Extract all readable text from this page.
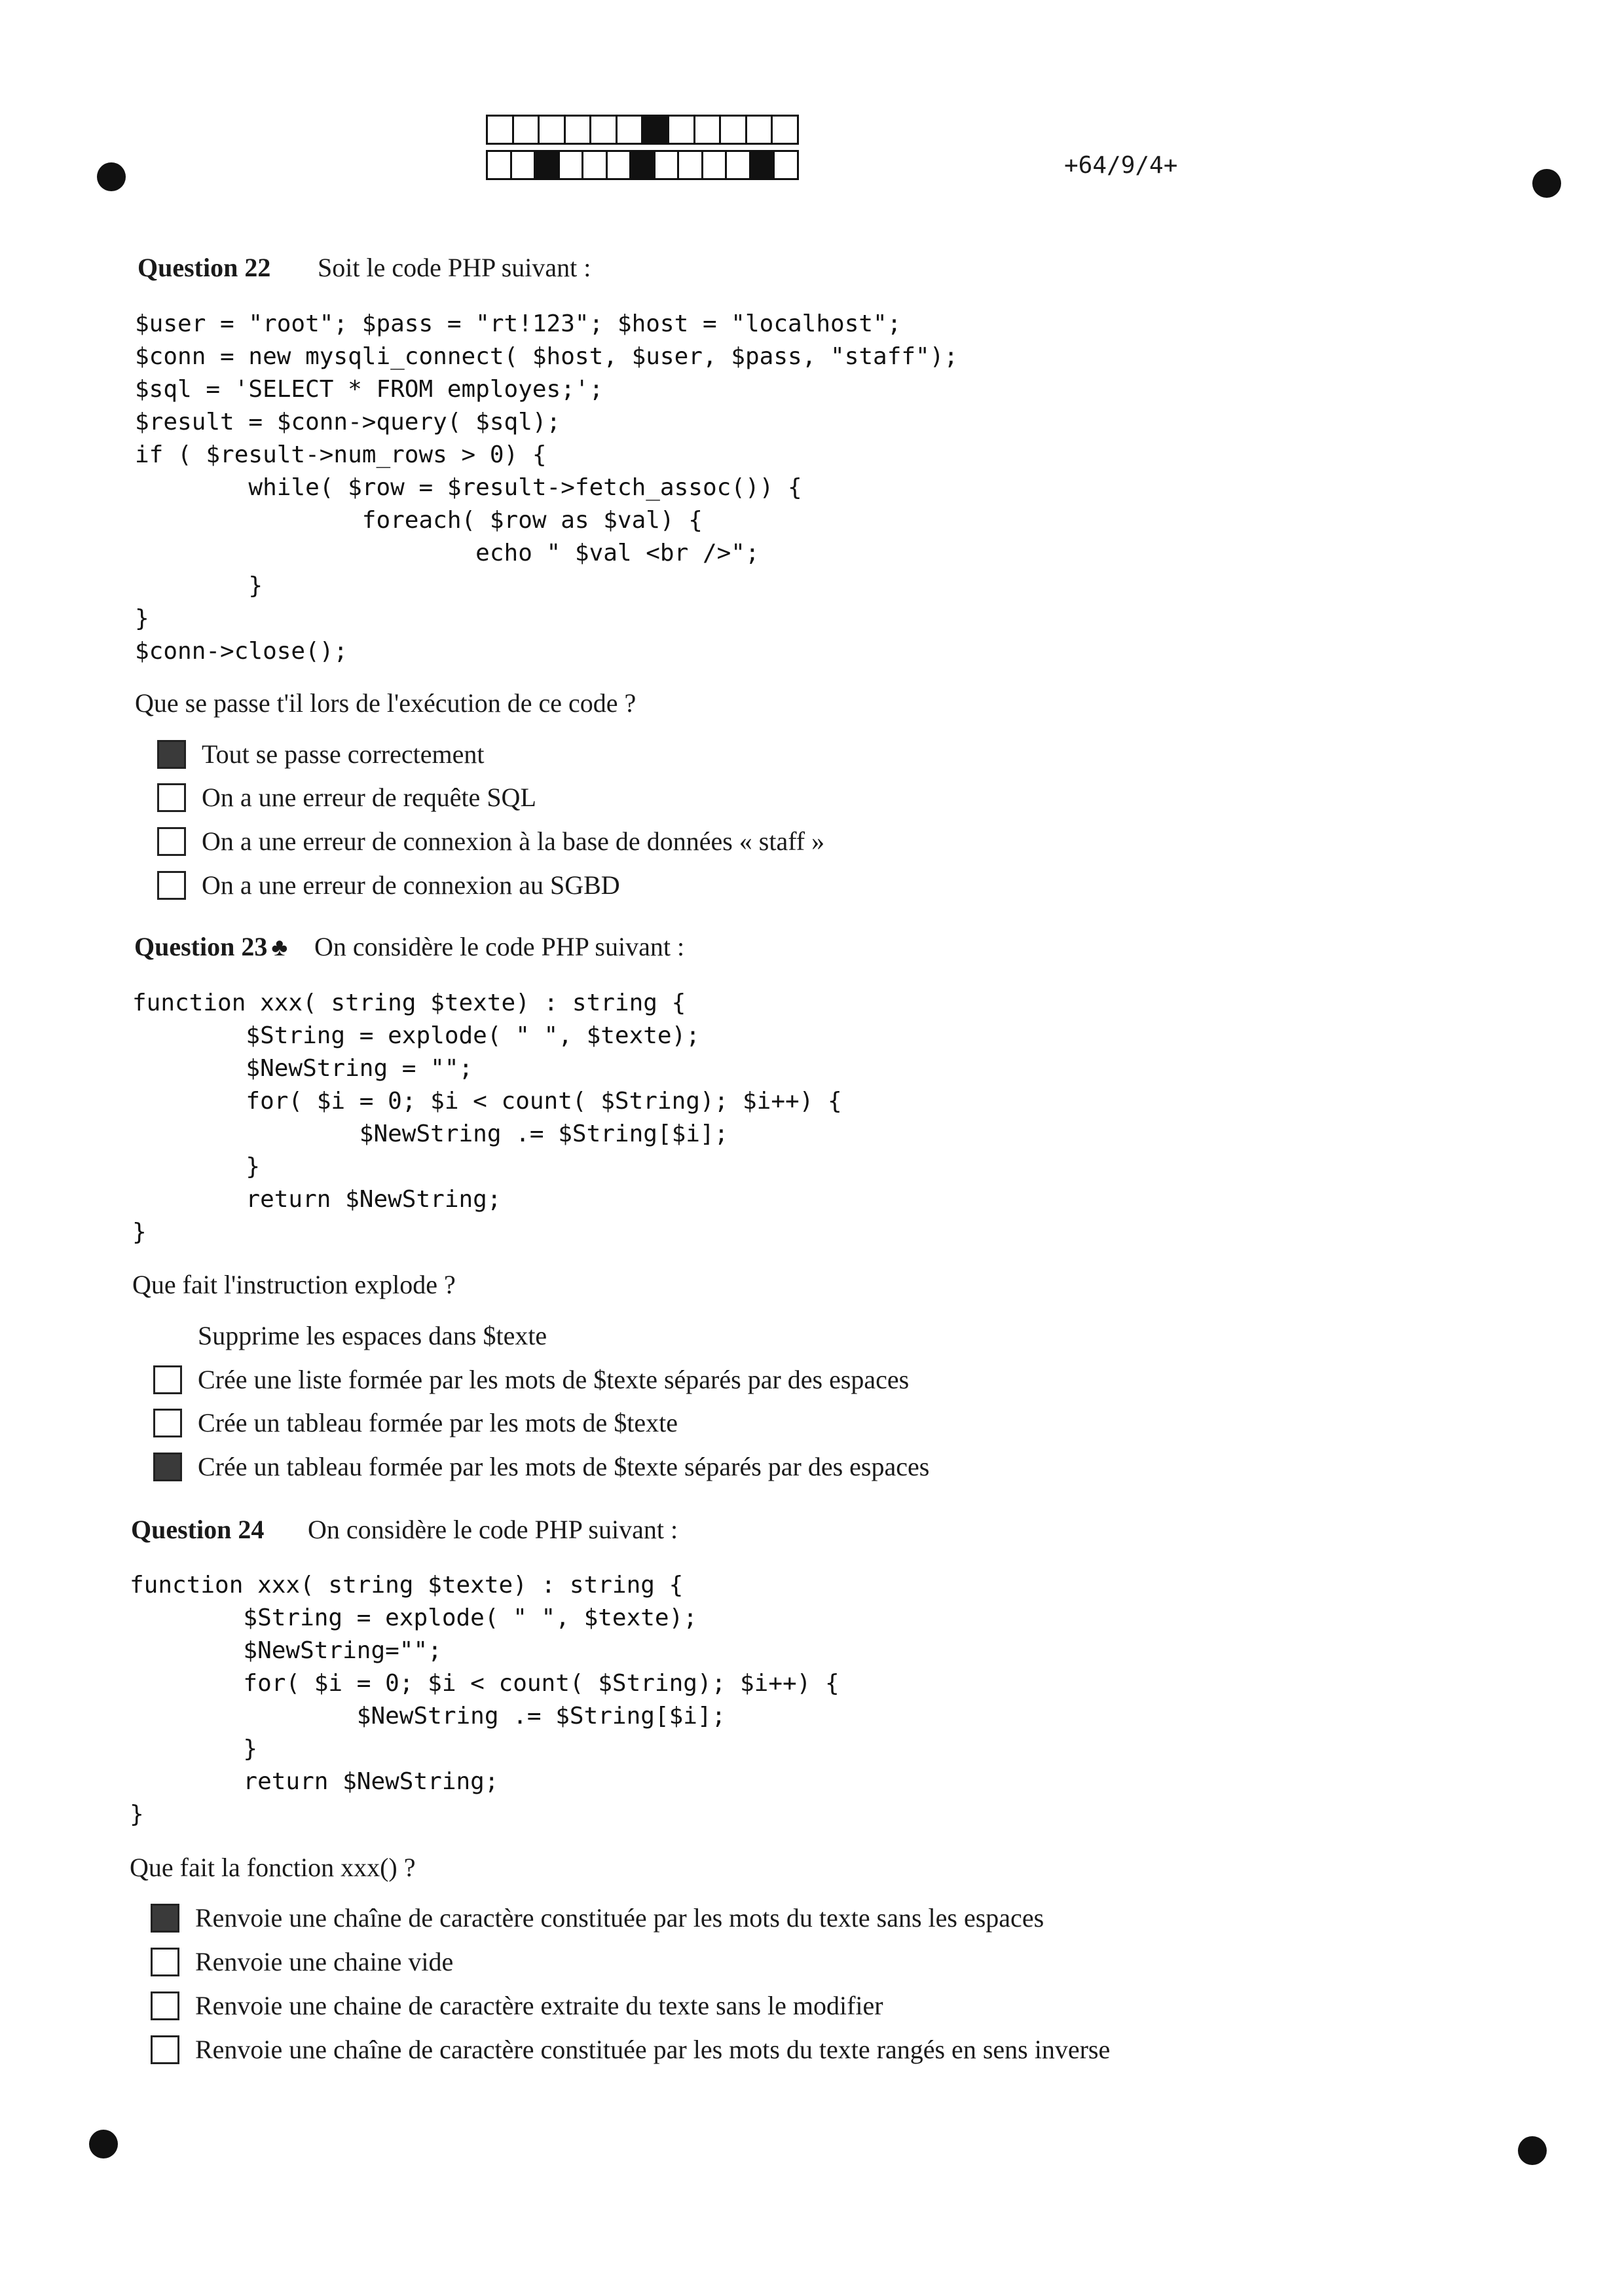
+64/9/4+
Question 22 Soit le code PHP suivant :
$user = "root"; $pass = "rt!123"; $host = "localhost";
$conn = new mysqli_connect( $host, $user, $pass, "staff");
$sql = 'SELECT * FROM employes;';
$result = $conn->query( $sql);
if ( $result->num_rows > 0) {
while( $row = $result->fetch_assoc()) {
foreach( $row as $val) {
echo " $val <br />";
}
}
$conn->close();
Que se passe t'il lors de l'exécution de ce code ?
Tout se passe correctement
On a une erreur de requête SQL
On a une erreur de connexion à la base de données « staff »
On a une erreur de connexion au SGBD
Question 23 ♣ On considère le code PHP suivant :
function xxx( string $texte) : string {
$String = explode( " ", $texte);
$NewString = "";
for( $i = 0; $i < count( $String); $i++) {
$NewString .= $String[$i];
}
return $NewString;
}
Que fait l'instruction explode ?
Supprime les espaces dans $texte
Crée une liste formée par les mots de $texte séparés par des espaces
Crée un tableau formée par les mots de $texte
Crée un tableau formée par les mots de $texte séparés par des espaces
Question 24 On considère le code PHP suivant :
function xxx( string $texte) : string {
$String = explode( " ", $texte);
$NewString="";
for( $i = 0; $i < count( $String); $i++) {
$NewString .= $String[$i];
}
return $NewString;
}
Que fait la fonction xxx() ?
Renvoie une chaîne de caractère constituée par les mots du texte sans les espaces
Renvoie une chaine vide
Renvoie une chaine de caractère extraite du texte sans le modifier
Renvoie une chaîne de caractère constituée par les mots du texte rangés en sens inverse
